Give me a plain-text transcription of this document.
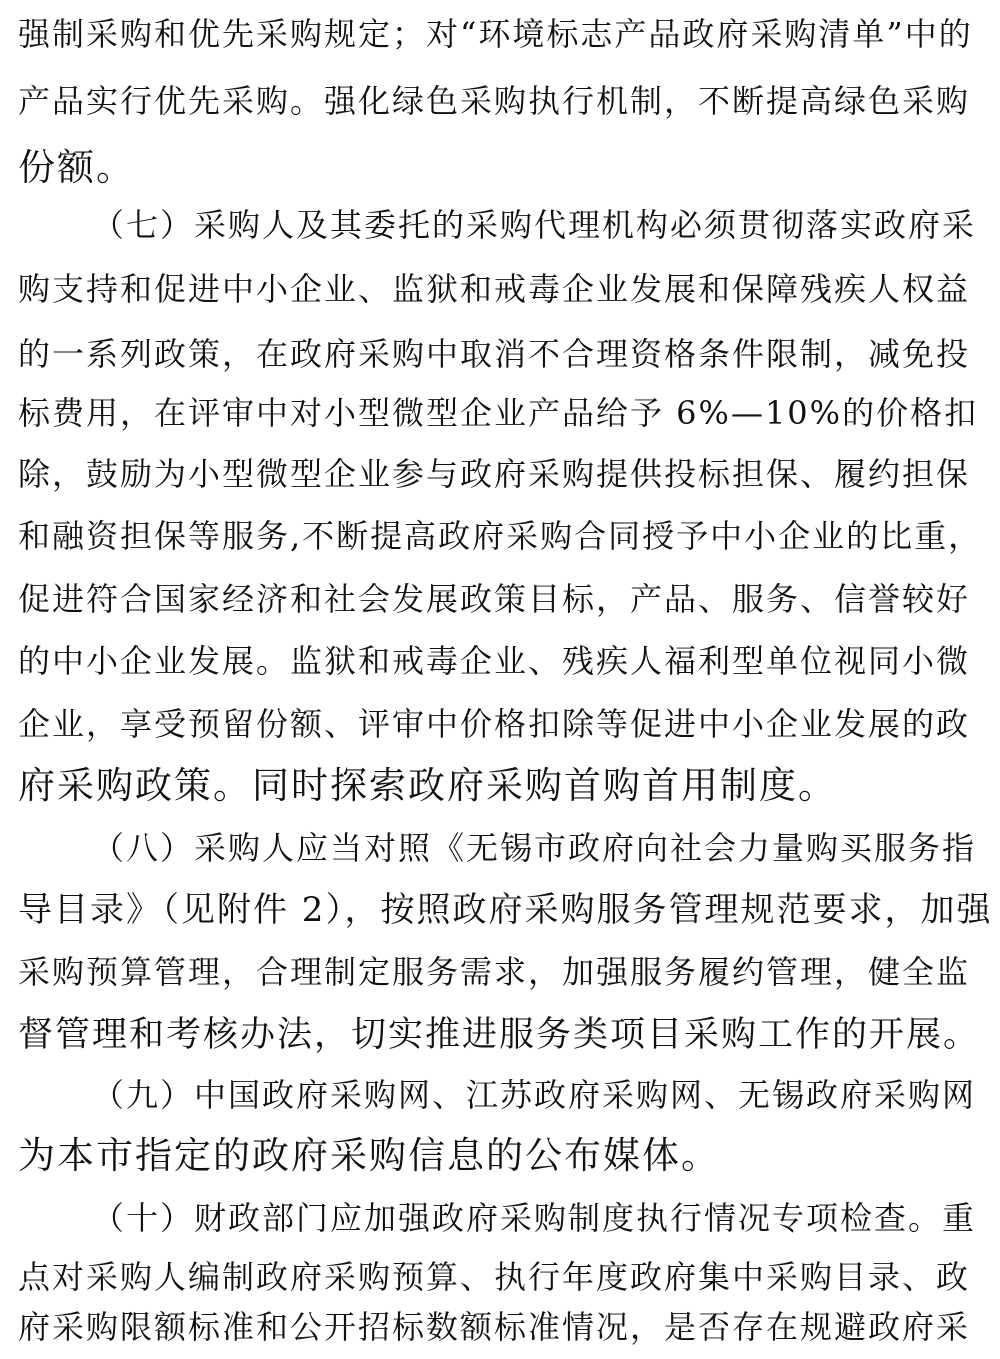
强制采购和优先采购规定；对“环境标志产品政府采购清单”中的
产品实行优先采购。强化绿色采购执行机制，不断提高绿色采购
份额。
（七）采购人及其委托的采购代理机构必须贯彻落实政府采
购支持和促进中小企业、监狱和戒毒企业发展和保障残疾人权益
的一系列政策，在政府采购中取消不合理资格条件限制，减免投
标费用，在评审中对小型微型企业产品给予 6%—10%的价格扣
除，鼓励为小型微型企业参与政府采购提供投标担保、履约担保
和融资担保等服务,不断提高政府采购合同授予中小企业的比重，
促进符合国家经济和社会发展政策目标，产品、服务、信誉较好
的中小企业发展。监狱和戒毒企业、残疾人福利型单位视同小微
企业，享受预留份额、评审中价格扣除等促进中小企业发展的政
府采购政策。同时探索政府采购首购首用制度。
（八）采购人应当对照《无锡市政府向社会力量购买服务指
导目录》（见附件 2），按照政府采购服务管理规范要求，加强
采购预算管理，合理制定服务需求，加强服务履约管理，健全监
督管理和考核办法，切实推进服务类项目采购工作的开展。
（九）中国政府采购网、江苏政府采购网、无锡政府采购网
为本市指定的政府采购信息的公布媒体。
（十）财政部门应加强政府采购制度执行情况专项检查。重
点对采购人编制政府采购预算、执行年度政府集中采购目录、政
府采购限额标准和公开招标数额标准情况，是否存在规避政府采
